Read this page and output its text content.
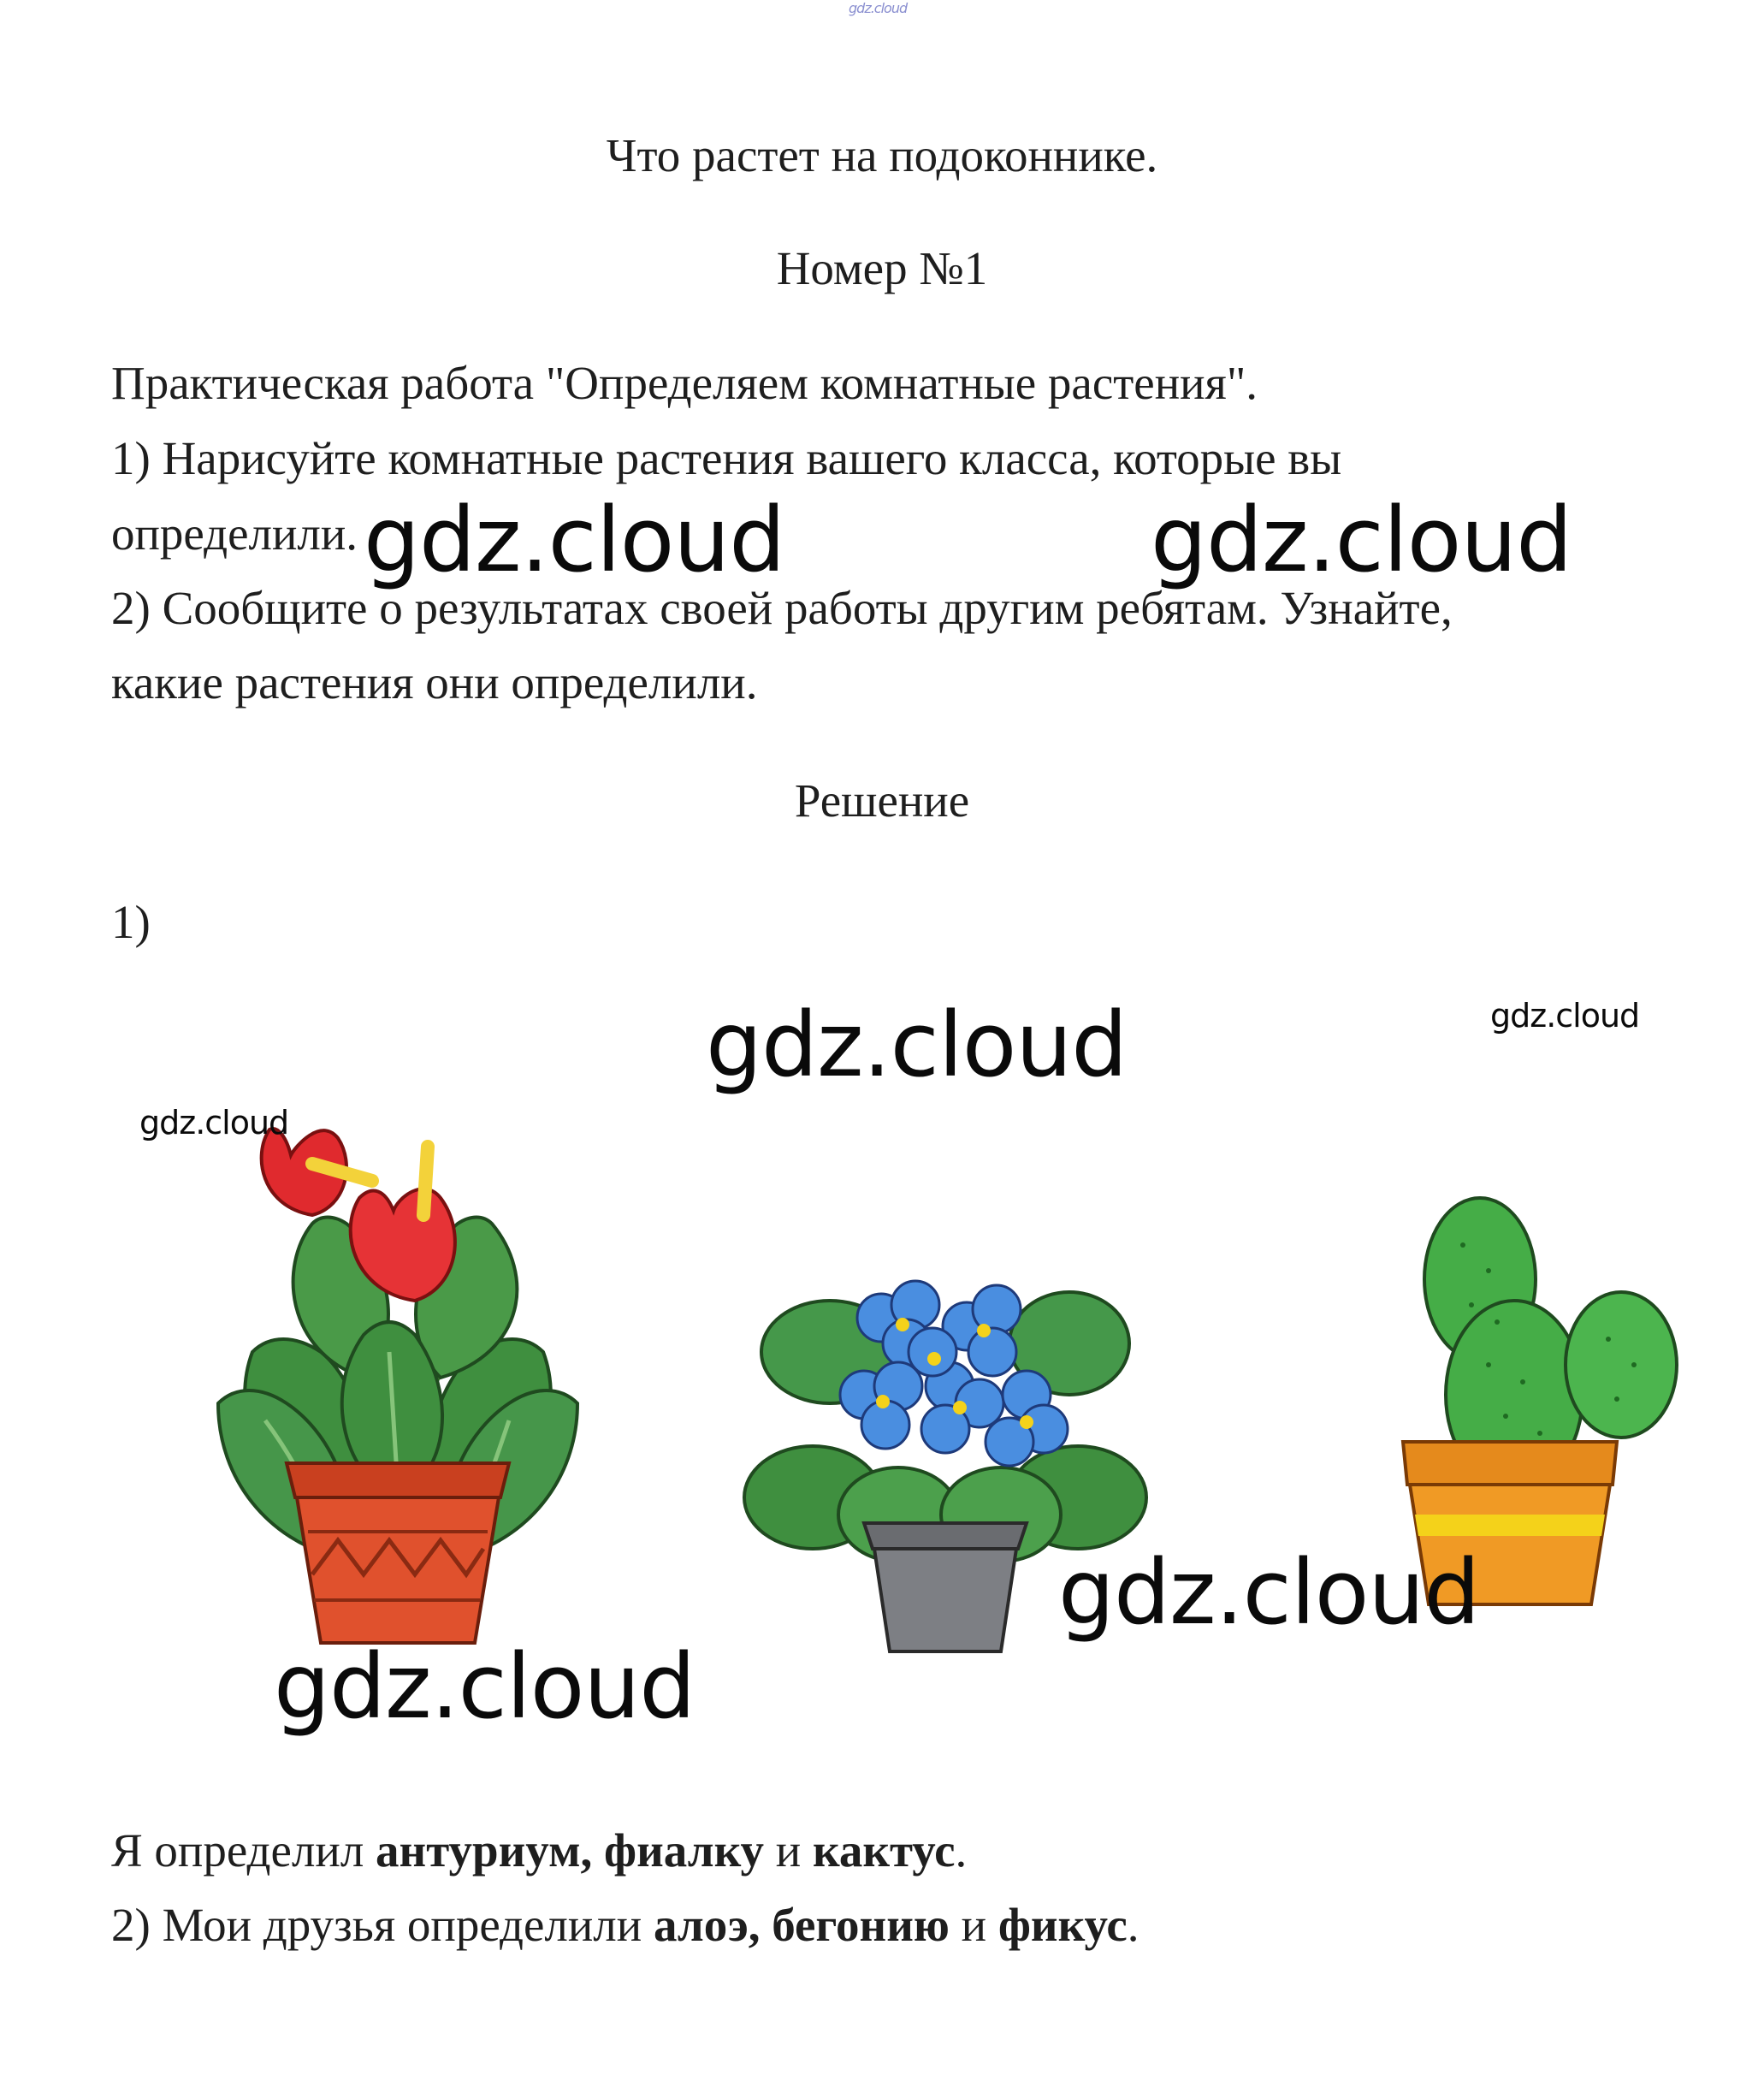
gdz.cloud
Что растет на подоконнике.
Номер №1
Практическая работа "Определяем комнатные растения".
1) Нарисуйте комнатные растения вашего класса, которые вы
определили.
2) Сообщите о результатах своей работы другим ребятам. Узнайте,
какие растения они определили.
Решение
1)
gdz.cloud	gdz.cloud
gdz.cloud	gdz.cloud
gdz.cloud
gdz.cloud
gdz.cloud
Я определил антуриум, фиалку и кактус.
2) Мои друзья определили алоэ, бегонию и фикус.
